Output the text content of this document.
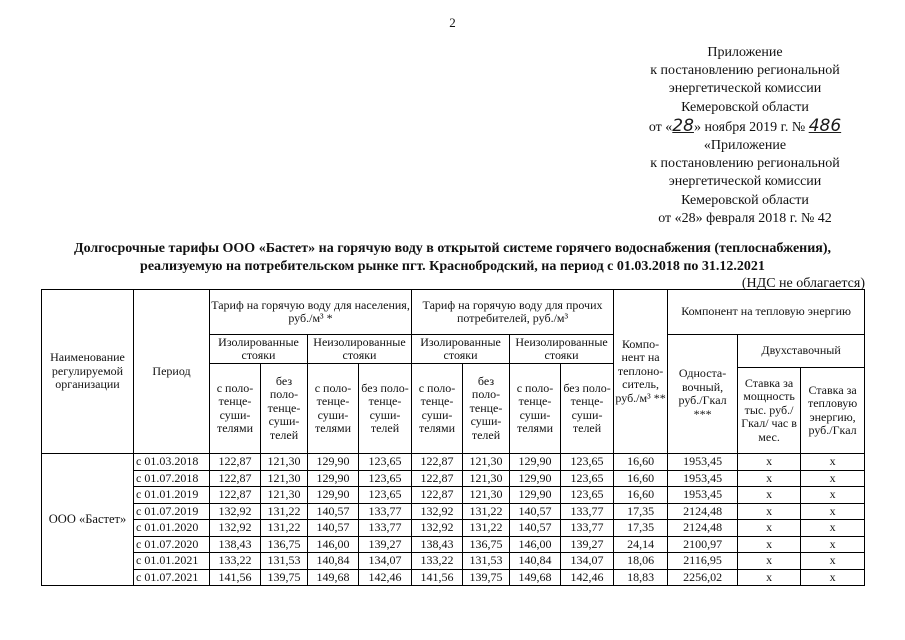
2
Приложение
к постановлению региональной
энергетической комиссии
Кемеровской области
от «28» ноября 2019 г. № 486
«Приложение
к постановлению региональной
энергетической комиссии
Кемеровской области
от «28» февраля 2018 г. № 42
Долгосрочные тарифы ООО «Бастет» на горячую воду в открытой системе горячего водоснабжения (теплоснабжения),
реализуемую на потребительском рынке пгт. Краснобродский, на период с 01.03.2018 по 31.12.2021
(НДС не облагается)
Наименование регулируемой организации	Период	Тариф на горячую воду для населения, руб./м³ *				Тариф на горячую воду для прочих потребителей, руб./м³				Компо-нент на теплоно-ситель, руб./м³ **	Компонент на тепловую энергию		
		Изолированные стояки		Неизолированные стояки		Изолированные стояки		Неизолированные стояки			Односта-вочный, руб./Гкал ***	Двухставочный	
		с поло-тенце-суши-телями	без поло-тенце-суши-телей	с поло-тенце-суши-телями	без поло-тенце-суши-телей	с поло-тенце-суши-телями	без поло-тенце-суши-телей	с поло-тенце-суши-телями	без поло-тенце-суши-телей				
												Ставка за мощность тыс. руб./ Гкал/ час в мес.	Ставка за тепловую энергию, руб./Гкал
ООО «Бастет»	с 01.03.2018	122,87	121,30	129,90	123,65	122,87	121,30	129,90	123,65	16,60	1953,45	x	x
	с 01.07.2018	122,87	121,30	129,90	123,65	122,87	121,30	129,90	123,65	16,60	1953,45	x	x
	с 01.01.2019	122,87	121,30	129,90	123,65	122,87	121,30	129,90	123,65	16,60	1953,45	x	x
	с 01.07.2019	132,92	131,22	140,57	133,77	132,92	131,22	140,57	133,77	17,35	2124,48	x	x
	с 01.01.2020	132,92	131,22	140,57	133,77	132,92	131,22	140,57	133,77	17,35	2124,48	x	x
	с 01.07.2020	138,43	136,75	146,00	139,27	138,43	136,75	146,00	139,27	24,14	2100,97	x	x
	с 01.01.2021	133,22	131,53	140,84	134,07	133,22	131,53	140,84	134,07	18,06	2116,95	x	x
	с 01.07.2021	141,56	139,75	149,68	142,46	141,56	139,75	149,68	142,46	18,83	2256,02	x	x
